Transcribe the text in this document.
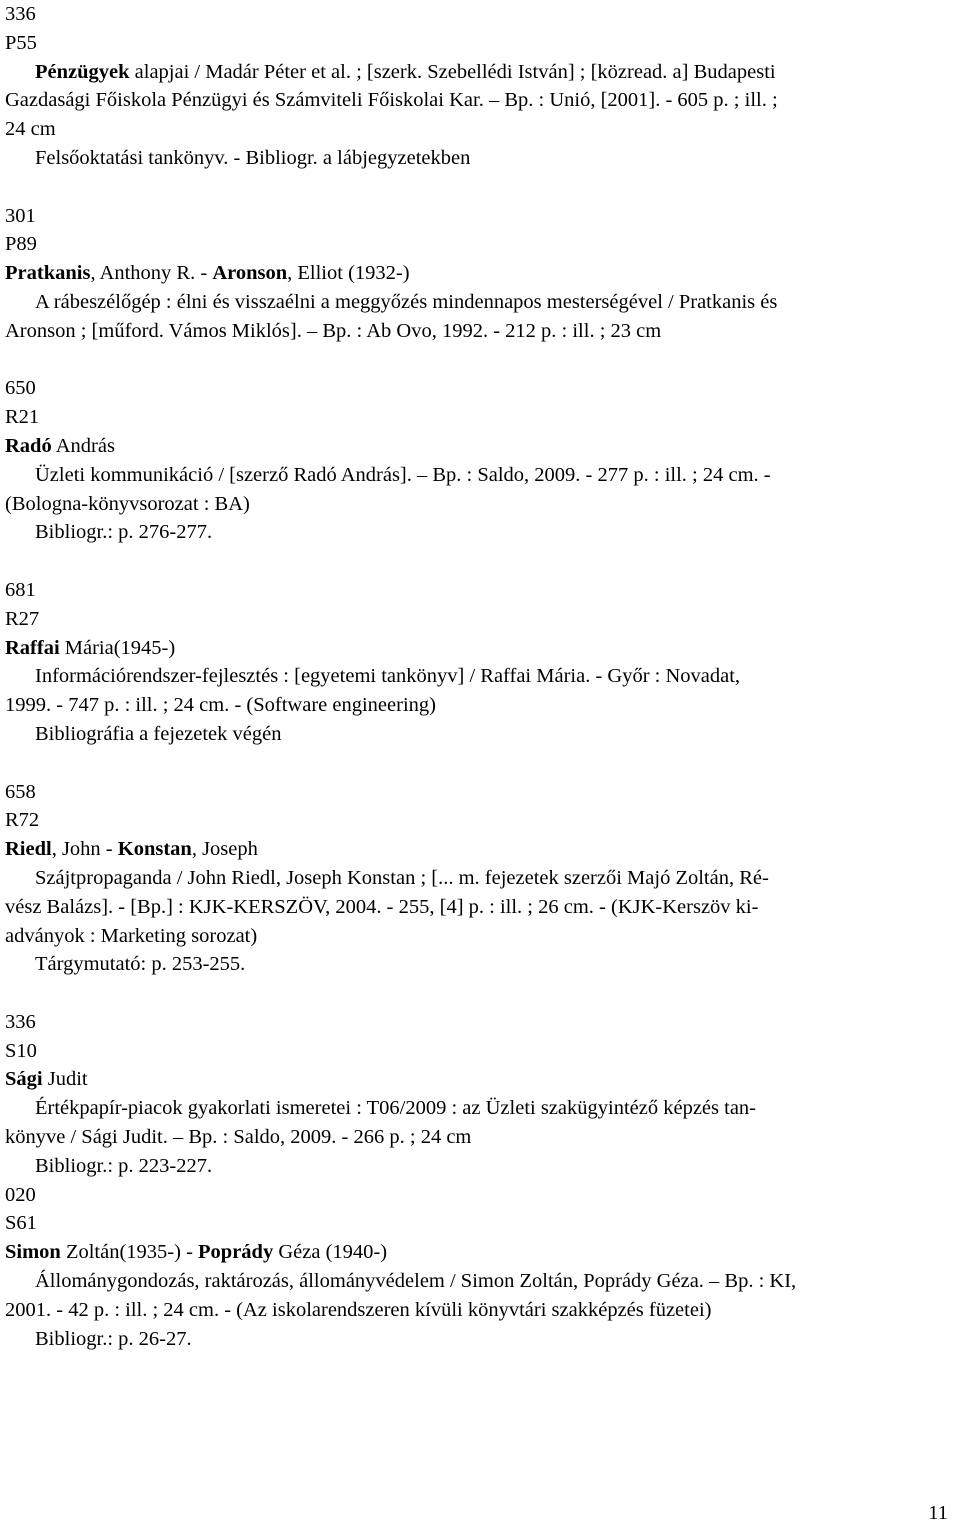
336
P55
Pénzügyek alapjai / Madár Péter et al. ; [szerk. Szebellédi István] ; [közread. a] Budapesti
Gazdasági Főiskola Pénzügyi és Számviteli Főiskolai Kar. – Bp. : Unió, [2001]. - 605 p. ; ill. ;
24 cm
Felsőoktatási tankönyv. - Bibliogr. a lábjegyzetekben
301
P89
Pratkanis, Anthony R. - Aronson, Elliot (1932-)
A rábeszélőgép : élni és visszaélni a meggyőzés mindennapos mesterségével / Pratkanis és
Aronson ; [műford. Vámos Miklós]. – Bp. : Ab Ovo, 1992. - 212 p. : ill. ; 23 cm
650
R21
Radó András
Üzleti kommunikáció / [szerző Radó András]. – Bp. : Saldo, 2009. - 277 p. : ill. ; 24 cm. -
(Bologna-könyvsorozat : BA)
Bibliogr.: p. 276-277.
681
R27
Raffai Mária(1945-)
Információrendszer-fejlesztés : [egyetemi tankönyv] / Raffai Mária. - Győr : Novadat,
1999. - 747 p. : ill. ; 24 cm. - (Software engineering)
Bibliográfia a fejezetek végén
658
R72
Riedl, John - Konstan, Joseph
Szájtpropaganda / John Riedl, Joseph Konstan ; [... m. fejezetek szerzői Majó Zoltán, Ré-
vész Balázs]. - [Bp.] : KJK-KERSZÖV, 2004. - 255, [4] p. : ill. ; 26 cm. - (KJK-Kerszöv ki-
adványok : Marketing sorozat)
Tárgymutató: p. 253-255.
336
S10
Sági Judit
Értékpapír-piacok gyakorlati ismeretei : T06/2009 : az Üzleti szakügyintéző képzés tan-
könyve / Sági Judit. – Bp. : Saldo, 2009. - 266 p. ; 24 cm
Bibliogr.: p. 223-227.
020
S61
Simon Zoltán(1935-) - Poprády Géza (1940-)
Állománygondozás, raktározás, állományvédelem / Simon Zoltán, Poprády Géza. – Bp. : KI,
2001. - 42 p. : ill. ; 24 cm. - (Az iskolarendszeren kívüli könyvtári szakképzés füzetei)
Bibliogr.: p. 26-27.
11
